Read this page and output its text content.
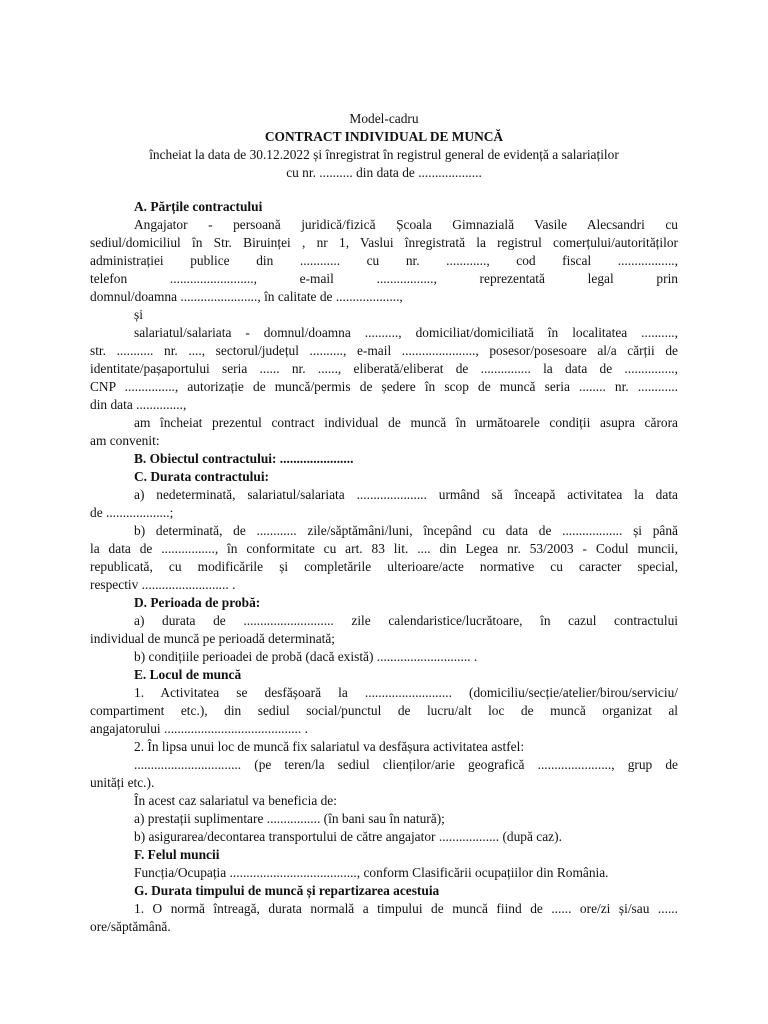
Model-cadru
CONTRACT INDIVIDUAL DE MUNCĂ
încheiat la data de 30.12.2022 și înregistrat în registrul general de evidență a salariaților
cu nr. .......... din data de ...................
A. Părțile contractului
Angajator - persoană juridică/fizică Școala Gimnazială Vasile Alecsandri cu
sediul/domiciliul în Str. Biruinței , nr 1, Vaslui înregistrată la registrul comerțului/autorităților
administrației publice din ............ cu nr. ............, cod fiscal .................,
telefon ........................., e-mail ................., reprezentată legal prin
domnul/doamna ......................., în calitate de ...................,
și
salariatul/salariata - domnul/doamna .........., domiciliat/domiciliată în localitatea ..........,
str. ........... nr. ...., sectorul/județul .........., e-mail ......................, posesor/posesoare al/a cărții de
identitate/pașaportului seria ...... nr. ......, eliberată/eliberat de ............... la data de ...............,
CNP ..............., autorizație de muncă/permis de ședere în scop de muncă seria ........ nr. ............
din data ..............,
am încheiat prezentul contract individual de muncă în următoarele condiții asupra cărora
am convenit:
B. Obiectul contractului: ......................
C. Durata contractului:
a) nedeterminată, salariatul/salariata ..................... urmând să înceapă activitatea la data
de ...................;
b) determinată, de ............ zile/săptămâni/luni, începând cu data de .................. și până
la data de ................, în conformitate cu art. 83 lit. .... din Legea nr. 53/2003 - Codul muncii,
republicată, cu modificările și completările ulterioare/acte normative cu caracter special,
respectiv .......................... .
D. Perioada de probă:
a) durata de ........................... zile calendaristice/lucrătoare, în cazul contractului
individual de muncă pe perioadă determinată;
b) condițiile perioadei de probă (dacă există) ............................ .
E. Locul de muncă
1. Activitatea se desfășoară la .......................... (domiciliu/secție/atelier/birou/serviciu/
compartiment etc.), din sediul social/punctul de lucru/alt loc de muncă organizat al
angajatorului ......................................... .
2. În lipsa unui loc de muncă fix salariatul va desfășura activitatea astfel:
................................ (pe teren/la sediul clienților/arie geografică ......................, grup de
unități etc.).
În acest caz salariatul va beneficia de:
a) prestații suplimentare ................ (în bani sau în natură);
b) asigurarea/decontarea transportului de către angajator .................. (după caz).
F. Felul muncii
Funcția/Ocupația ......................................, conform Clasificării ocupațiilor din România.
G. Durata timpului de muncă și repartizarea acestuia
1. O normă întreagă, durata normală a timpului de muncă fiind de ...... ore/zi și/sau ......
ore/săptămână.
